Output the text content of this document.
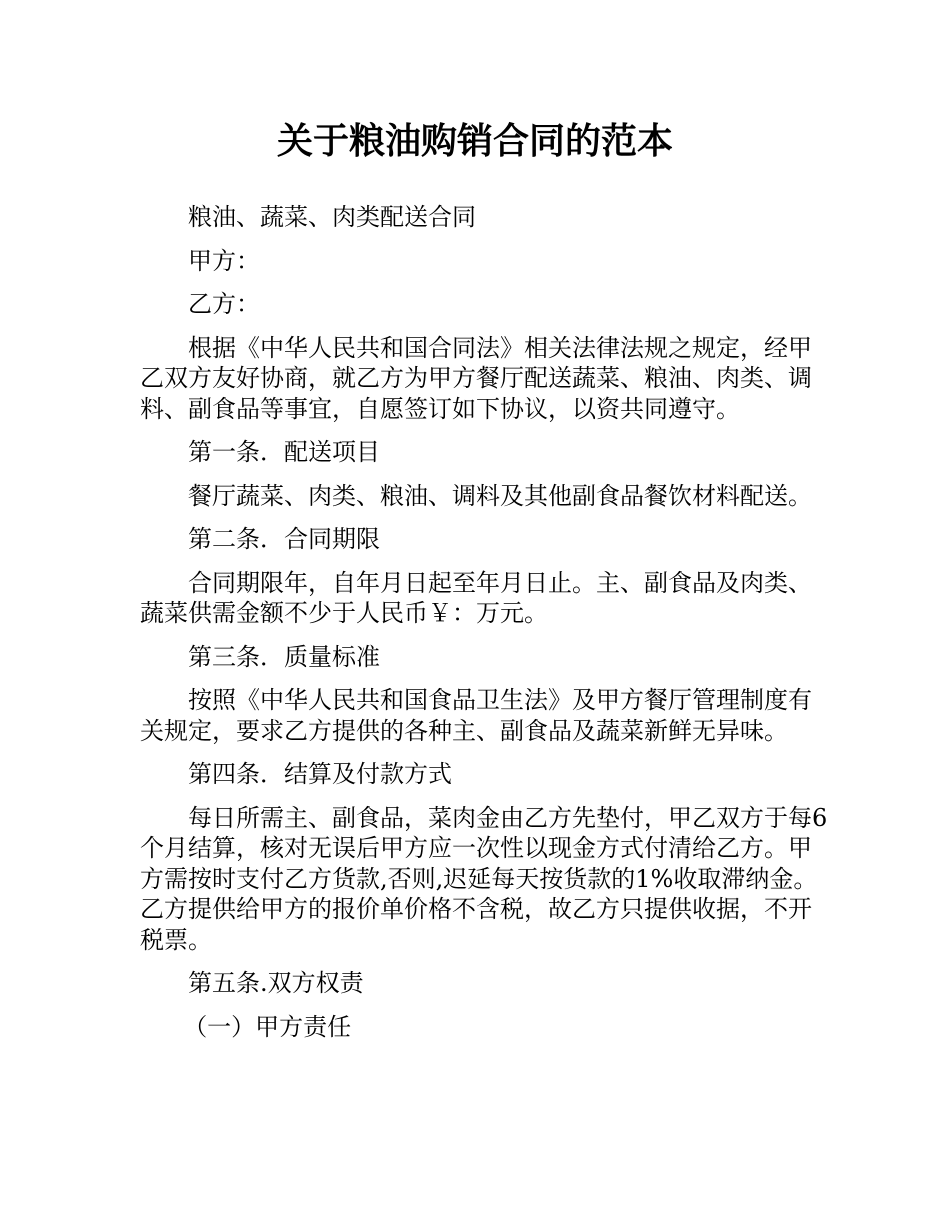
关于粮油购销合同的范本

粮油、蔬菜、肉类配送合同

甲方：

乙方：

根据《中华人民共和国合同法》相关法律法规之规定，经甲乙双方友好协商，就乙方为甲方餐厅配送蔬菜、粮油、肉类、调料、副食品等事宜，自愿签订如下协议，以资共同遵守。

第一条．配送项目

餐厅蔬菜、肉类、粮油、调料及其他副食品餐饮材料配送。

第二条．合同期限

合同期限年，自年月日起至年月日止。主、副食品及肉类、蔬菜供需金额不少于人民币￥：万元。

第三条．质量标准

按照《中华人民共和国食品卫生法》及甲方餐厅管理制度有关规定，要求乙方提供的各种主、副食品及蔬菜新鲜无异味。

第四条．结算及付款方式

每日所需主、副食品，菜肉金由乙方先垫付，甲乙双方于每6个月结算，核对无误后甲方应一次性以现金方式付清给乙方。甲方需按时支付乙方货款,否则,迟延每天按货款的1%收取滞纳金。乙方提供给甲方的报价单价格不含税，故乙方只提供收据，不开税票。

第五条.双方权责

（一）甲方责任
